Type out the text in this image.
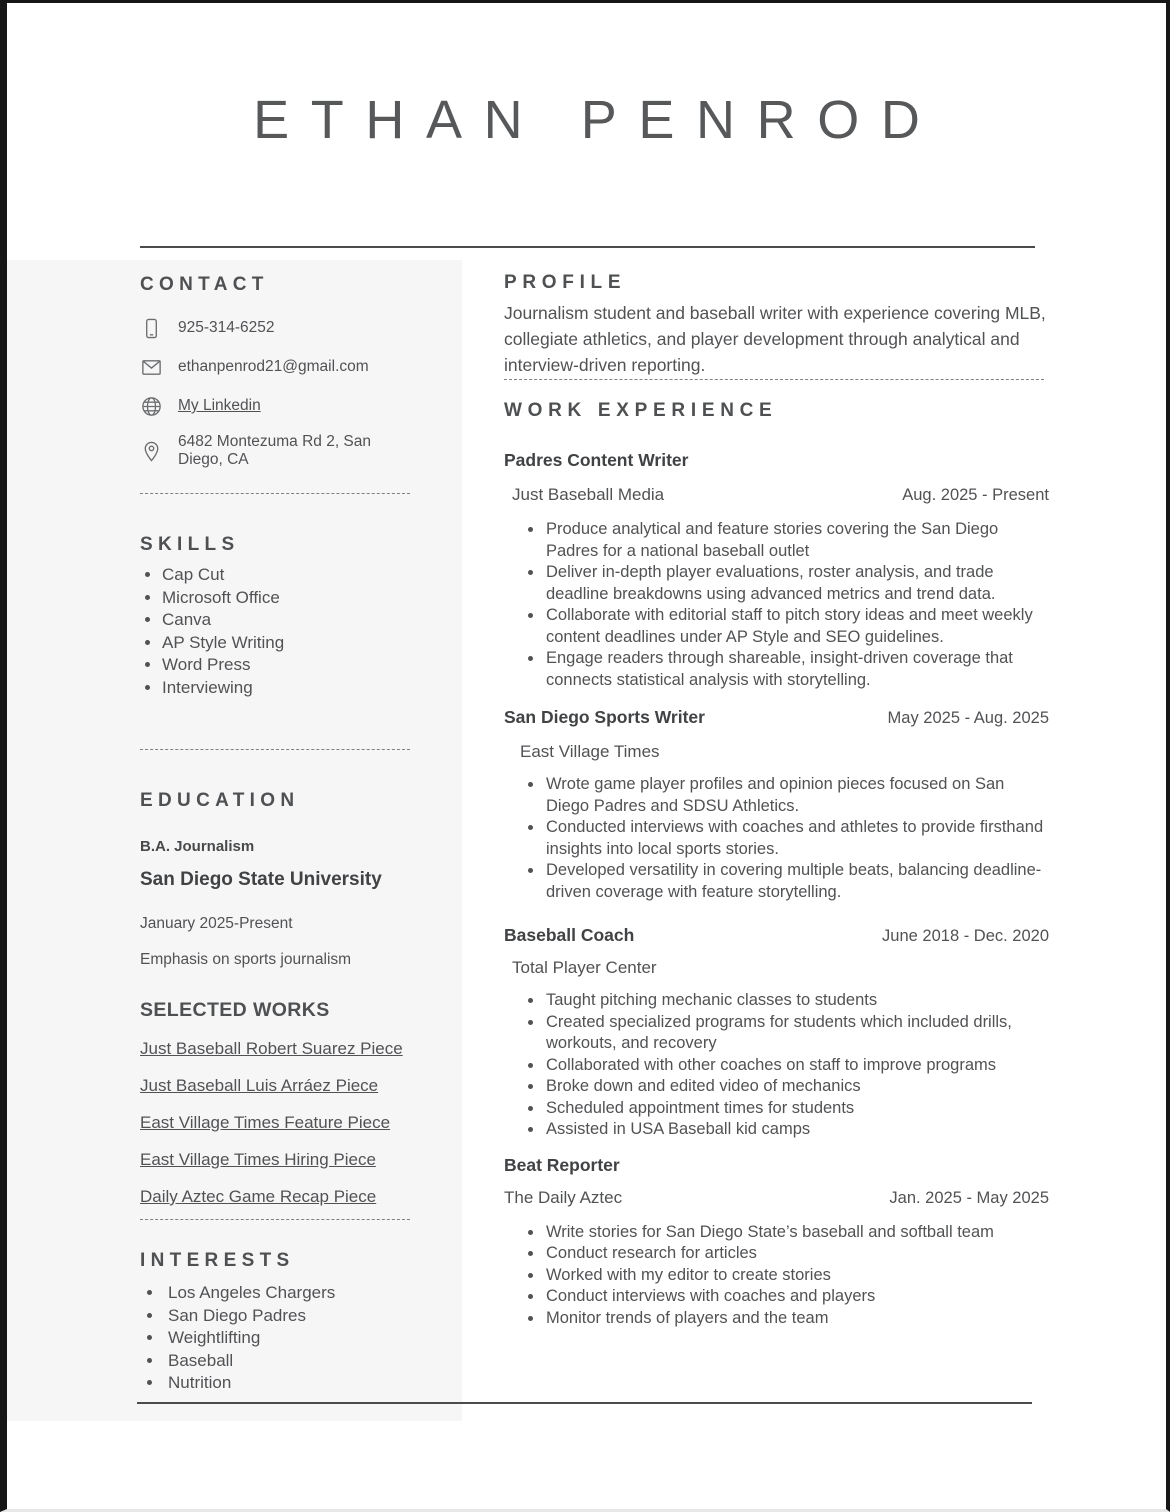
ETHAN PENROD
CONTACT
925-314-6252
ethanpenrod21@gmail.com
My Linkedin
6482 Montezuma Rd 2, San Diego, CA
SKILLS
• Cap Cut
• Microsoft Office
• Canva
• AP Style Writing
• Word Press
• Interviewing
EDUCATION
B.A. Journalism
San Diego State University
January 2025-Present
Emphasis on sports journalism
SELECTED WORKS
Just Baseball Robert Suarez Piece
Just Baseball Luis Arráez Piece
East Village Times Feature Piece
East Village Times Hiring Piece
Daily Aztec Game Recap Piece
INTERESTS
• Los Angeles Chargers
• San Diego Padres
• Weightlifting
• Baseball
• Nutrition
PROFILE
Journalism student and baseball writer with experience covering MLB, collegiate athletics, and player development through analytical and interview-driven reporting.
WORK EXPERIENCE
Padres Content Writer
Just Baseball Media	Aug. 2025 - Present
• Produce analytical and feature stories covering the San Diego Padres for a national baseball outlet
• Deliver in-depth player evaluations, roster analysis, and trade deadline breakdowns using advanced metrics and trend data.
• Collaborate with editorial staff to pitch story ideas and meet weekly content deadlines under AP Style and SEO guidelines.
• Engage readers through shareable, insight-driven coverage that connects statistical analysis with storytelling.
San Diego Sports Writer	May 2025 - Aug. 2025
East Village Times
• Wrote game player profiles and opinion pieces focused on San Diego Padres and SDSU Athletics.
• Conducted interviews with coaches and athletes to provide firsthand insights into local sports stories.
• Developed versatility in covering multiple beats, balancing deadline-driven coverage with feature storytelling.
Baseball Coach	June 2018 - Dec. 2020
Total Player Center
• Taught pitching mechanic classes to students
• Created specialized programs for students which included drills, workouts, and recovery
• Collaborated with other coaches on staff to improve programs
• Broke down and edited video of mechanics
• Scheduled appointment times for students
• Assisted in USA Baseball kid camps
Beat Reporter
The Daily Aztec	Jan. 2025 - May 2025
• Write stories for San Diego State’s baseball and softball team
• Conduct research for articles
• Worked with my editor to create stories
• Conduct interviews with coaches and players
• Monitor trends of players and the team
